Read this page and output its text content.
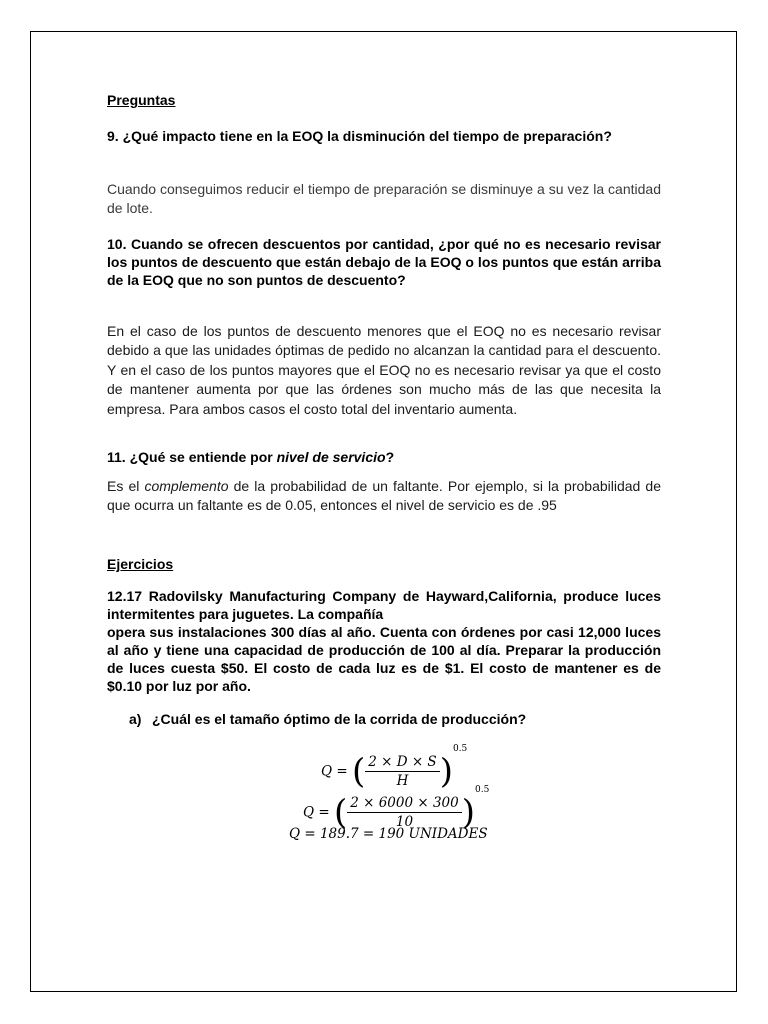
Preguntas
9. ¿Qué impacto tiene en la EOQ la disminución del tiempo de preparación?
Cuando conseguimos reducir el tiempo de preparación se disminuye a su vez la cantidad de lote.
10. Cuando se ofrecen descuentos por cantidad, ¿por qué no es necesario revisar los puntos de descuento que están debajo de la EOQ o los puntos que están arriba de la EOQ que no son puntos de descuento?
En el caso de los puntos de descuento menores que el EOQ no es necesario revisar debido a que las unidades óptimas de pedido no alcanzan la cantidad para el descuento. Y en el caso de los puntos mayores que el EOQ no es necesario revisar ya que el costo de mantener aumenta por que las órdenes son mucho más de las que necesita la empresa. Para ambos casos el costo total del inventario aumenta.
11. ¿Qué se entiende por nivel de servicio?
Es el complemento de la probabilidad de un faltante. Por ejemplo, si la probabilidad de que ocurra un faltante es de 0.05, entonces el nivel de servicio es de .95
Ejercicios
12.17 Radovilsky Manufacturing Company de Hayward,California, produce luces intermitentes para juguetes. La compañía
opera sus instalaciones 300 días al año. Cuenta con órdenes por casi 12,000 luces al año y tiene una capacidad de producción de 100 al día. Preparar la producción de luces cuesta $50. El costo de cada luz es de $1. El costo de mantener es de $0.10 por luz por año.
a) ¿Cuál es el tamaño óptimo de la corrida de producción?
Q = ( $\frac{2 \times D \times S}{H} )^{0.5}$
Q = ( $\frac{2 \times 6000 \times 300}{10} )^{0.5}$
Q = 189.7 = 190 UNIDADES
